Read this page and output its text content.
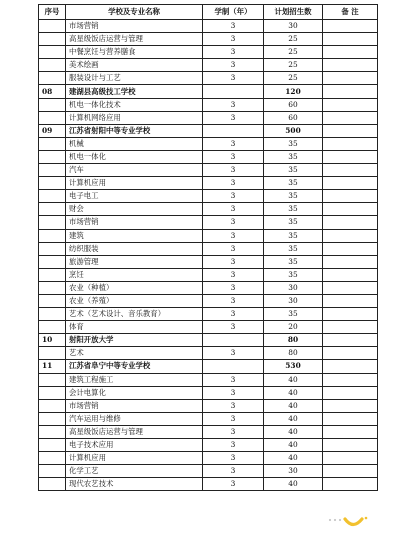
序号	学校及专业名称	学制（年）	计划招生数	备 注
	市场营销	3	30	
	高星级饭店运营与管理	3	25	
	中餐烹饪与营养膳食	3	25	
	美术绘画	3	25	
	服装设计与工艺	3	25	
08	建湖县高级技工学校		120	
	机电一体化技术	3	60	
	计算机网络应用	3	60	
09	江苏省射阳中等专业学校		500	
	机械	3	35	
	机电一体化	3	35	
	汽车	3	35	
	计算机应用	3	35	
	电子电工	3	35	
	财会	3	35	
	市场营销	3	35	
	建筑	3	35	
	纺织服装	3	35	
	旅游管理	3	35	
	烹饪	3	35	
	农业（种植）	3	30	
	农业（养殖）	3	30	
	艺术（艺术设计、音乐教育）	3	35	
	体育	3	20	
10	射阳开放大学		80	
	艺术	3	80	
11	江苏省阜宁中等专业学校		530	
	建筑工程施工	3	40	
	会计电算化	3	40	
	市场营销	3	40	
	汽车运用与维修	3	40	
	高星级饭店运营与管理	3	40	
	电子技术应用	3	40	
	计算机应用	3	40	
	化学工艺	3	30	
	现代农艺技术	3	40	
